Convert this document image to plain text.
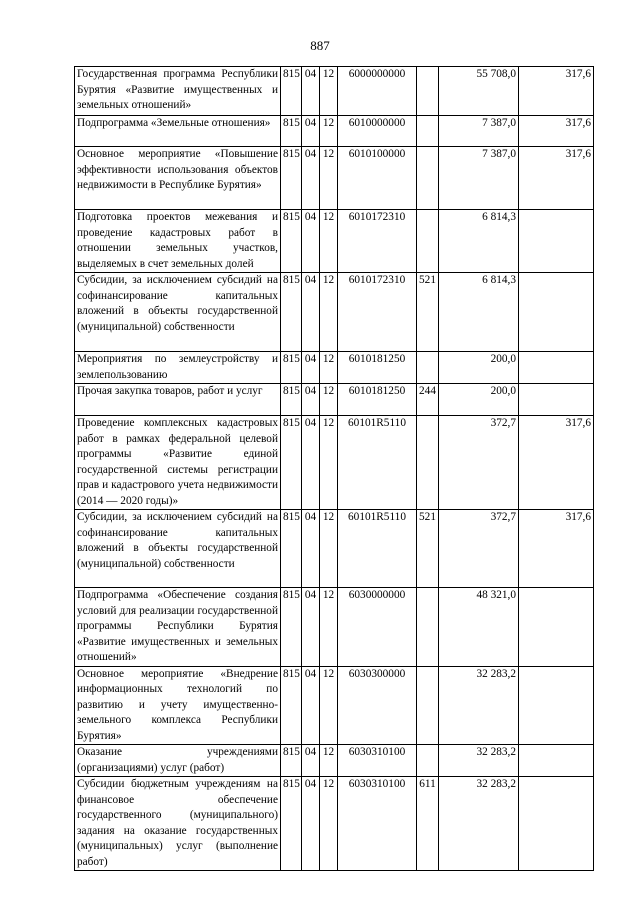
887
Государственная программа Республики Бурятия «Развитие имущественных и земельных отношений»	815	04	12	6000000000		55 708,0	317,6
Подпрограмма «Земельные отношения»	815	04	12	6010000000		7 387,0	317,6
Основное мероприятие «Повышение эффективности использования объектов недвижимости в Республике Бурятия»	815	04	12	6010100000		7 387,0	317,6
Подготовка проектов межевания и проведение кадастровых работ в отношении земельных участков, выделяемых в счет земельных долей	815	04	12	6010172310		6 814,3	
Субсидии, за исключением субсидий на софинансирование капитальных вложений в объекты государственной (муниципальной) собственности	815	04	12	6010172310	521	6 814,3	
Мероприятия по землеустройству и землепользованию	815	04	12	6010181250		200,0	
Прочая закупка товаров, работ и услуг	815	04	12	6010181250	244	200,0	
Проведение комплексных кадастровых работ в рамках федеральной целевой программы «Развитие единой государственной системы регистрации прав и кадастрового учета недвижимости (2014 — 2020 годы)»	815	04	12	60101R5110		372,7	317,6
Субсидии, за исключением субсидий на софинансирование капитальных вложений в объекты государственной (муниципальной) собственности	815	04	12	60101R5110	521	372,7	317,6
Подпрограмма «Обеспечение создания условий для реализации государственной программы Республики Бурятия «Развитие имущественных и земельных отношений»	815	04	12	6030000000		48 321,0	
Основное мероприятие «Внедрение информационных технологий по развитию и учету имущественно-земельного комплекса Республики Бурятия»	815	04	12	6030300000		32 283,2	
Оказание учреждениями (организациями) услуг (работ)	815	04	12	6030310100		32 283,2	
Субсидии бюджетным учреждениям на финансовое обеспечение государственного (муниципального) задания на оказание государственных (муниципальных) услуг (выполнение работ)	815	04	12	6030310100	611	32 283,2	
